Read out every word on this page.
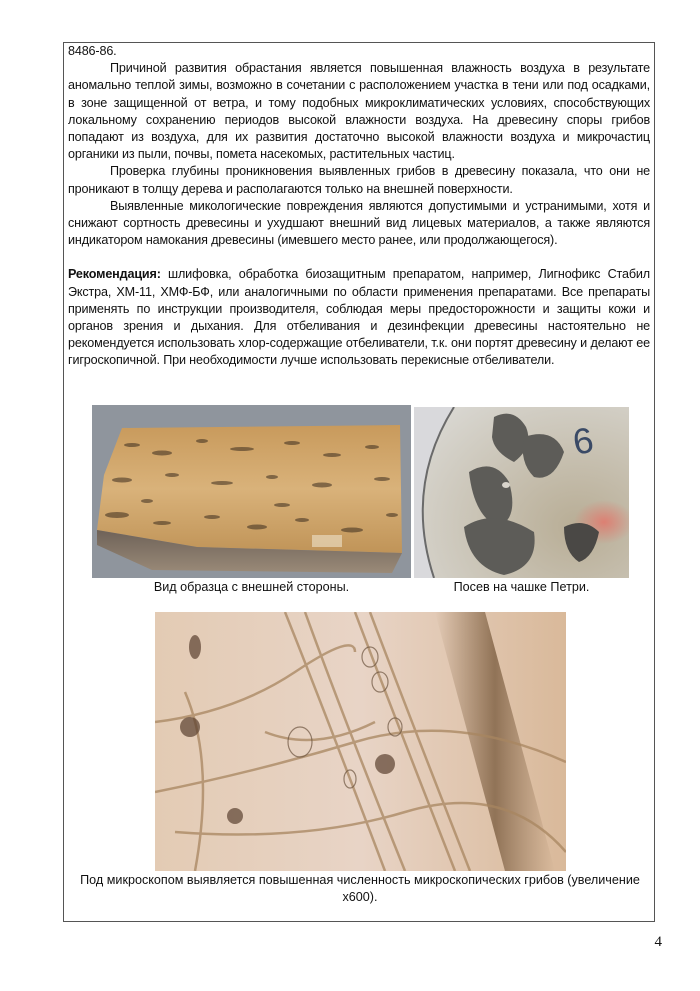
8486-86.

Причиной развития обрастания является повышенная влажность воздуха в результате аномально теплой зимы, возможно в сочетании с расположением участка в тени или под осадками, в зоне защищенной от ветра, и тому подобных микроклиматических условиях, способствующих локальному сохранению периодов высокой влажности воздуха. На древесину споры грибов попадают из воздуха, для их развития достаточно высокой влажности воздуха и микрочастиц органики из пыли, почвы, помета насекомых, растительных частиц.

Проверка глубины проникновения выявленных грибов в древесину показала, что они не проникают в толщу дерева и располагаются только на внешней поверхности.

Выявленные микологические повреждения являются допустимыми и устранимыми, хотя и снижают сортность древесины и ухудшают внешний вид лицевых материалов, а также являются индикатором намокания древесины (имевшего место ранее, или продолжающегося).

Рекомендация: шлифовка, обработка биозащитным препаратом, например, Лигнофикс Стабил Экстра, ХМ-11, ХМФ-БФ, или аналогичными по области применения препаратами. Все препараты применять по инструкции производителя, соблюдая меры предосторожности и защиты кожи и органов зрения и дыхания. Для отбеливания и дезинфекции древесины настоятельно не рекомендуется использовать хлор-содержащие отбеливатели, т.к. они портят древесину и делают ее гигроскопичной. При необходимости лучше использовать перекисные отбеливатели.

6
Вид образца с внешней стороны.	Посев на чашке Петри.
Под микроскопом выявляется повышенная численность микроскопических грибов (увеличение х600).
4
